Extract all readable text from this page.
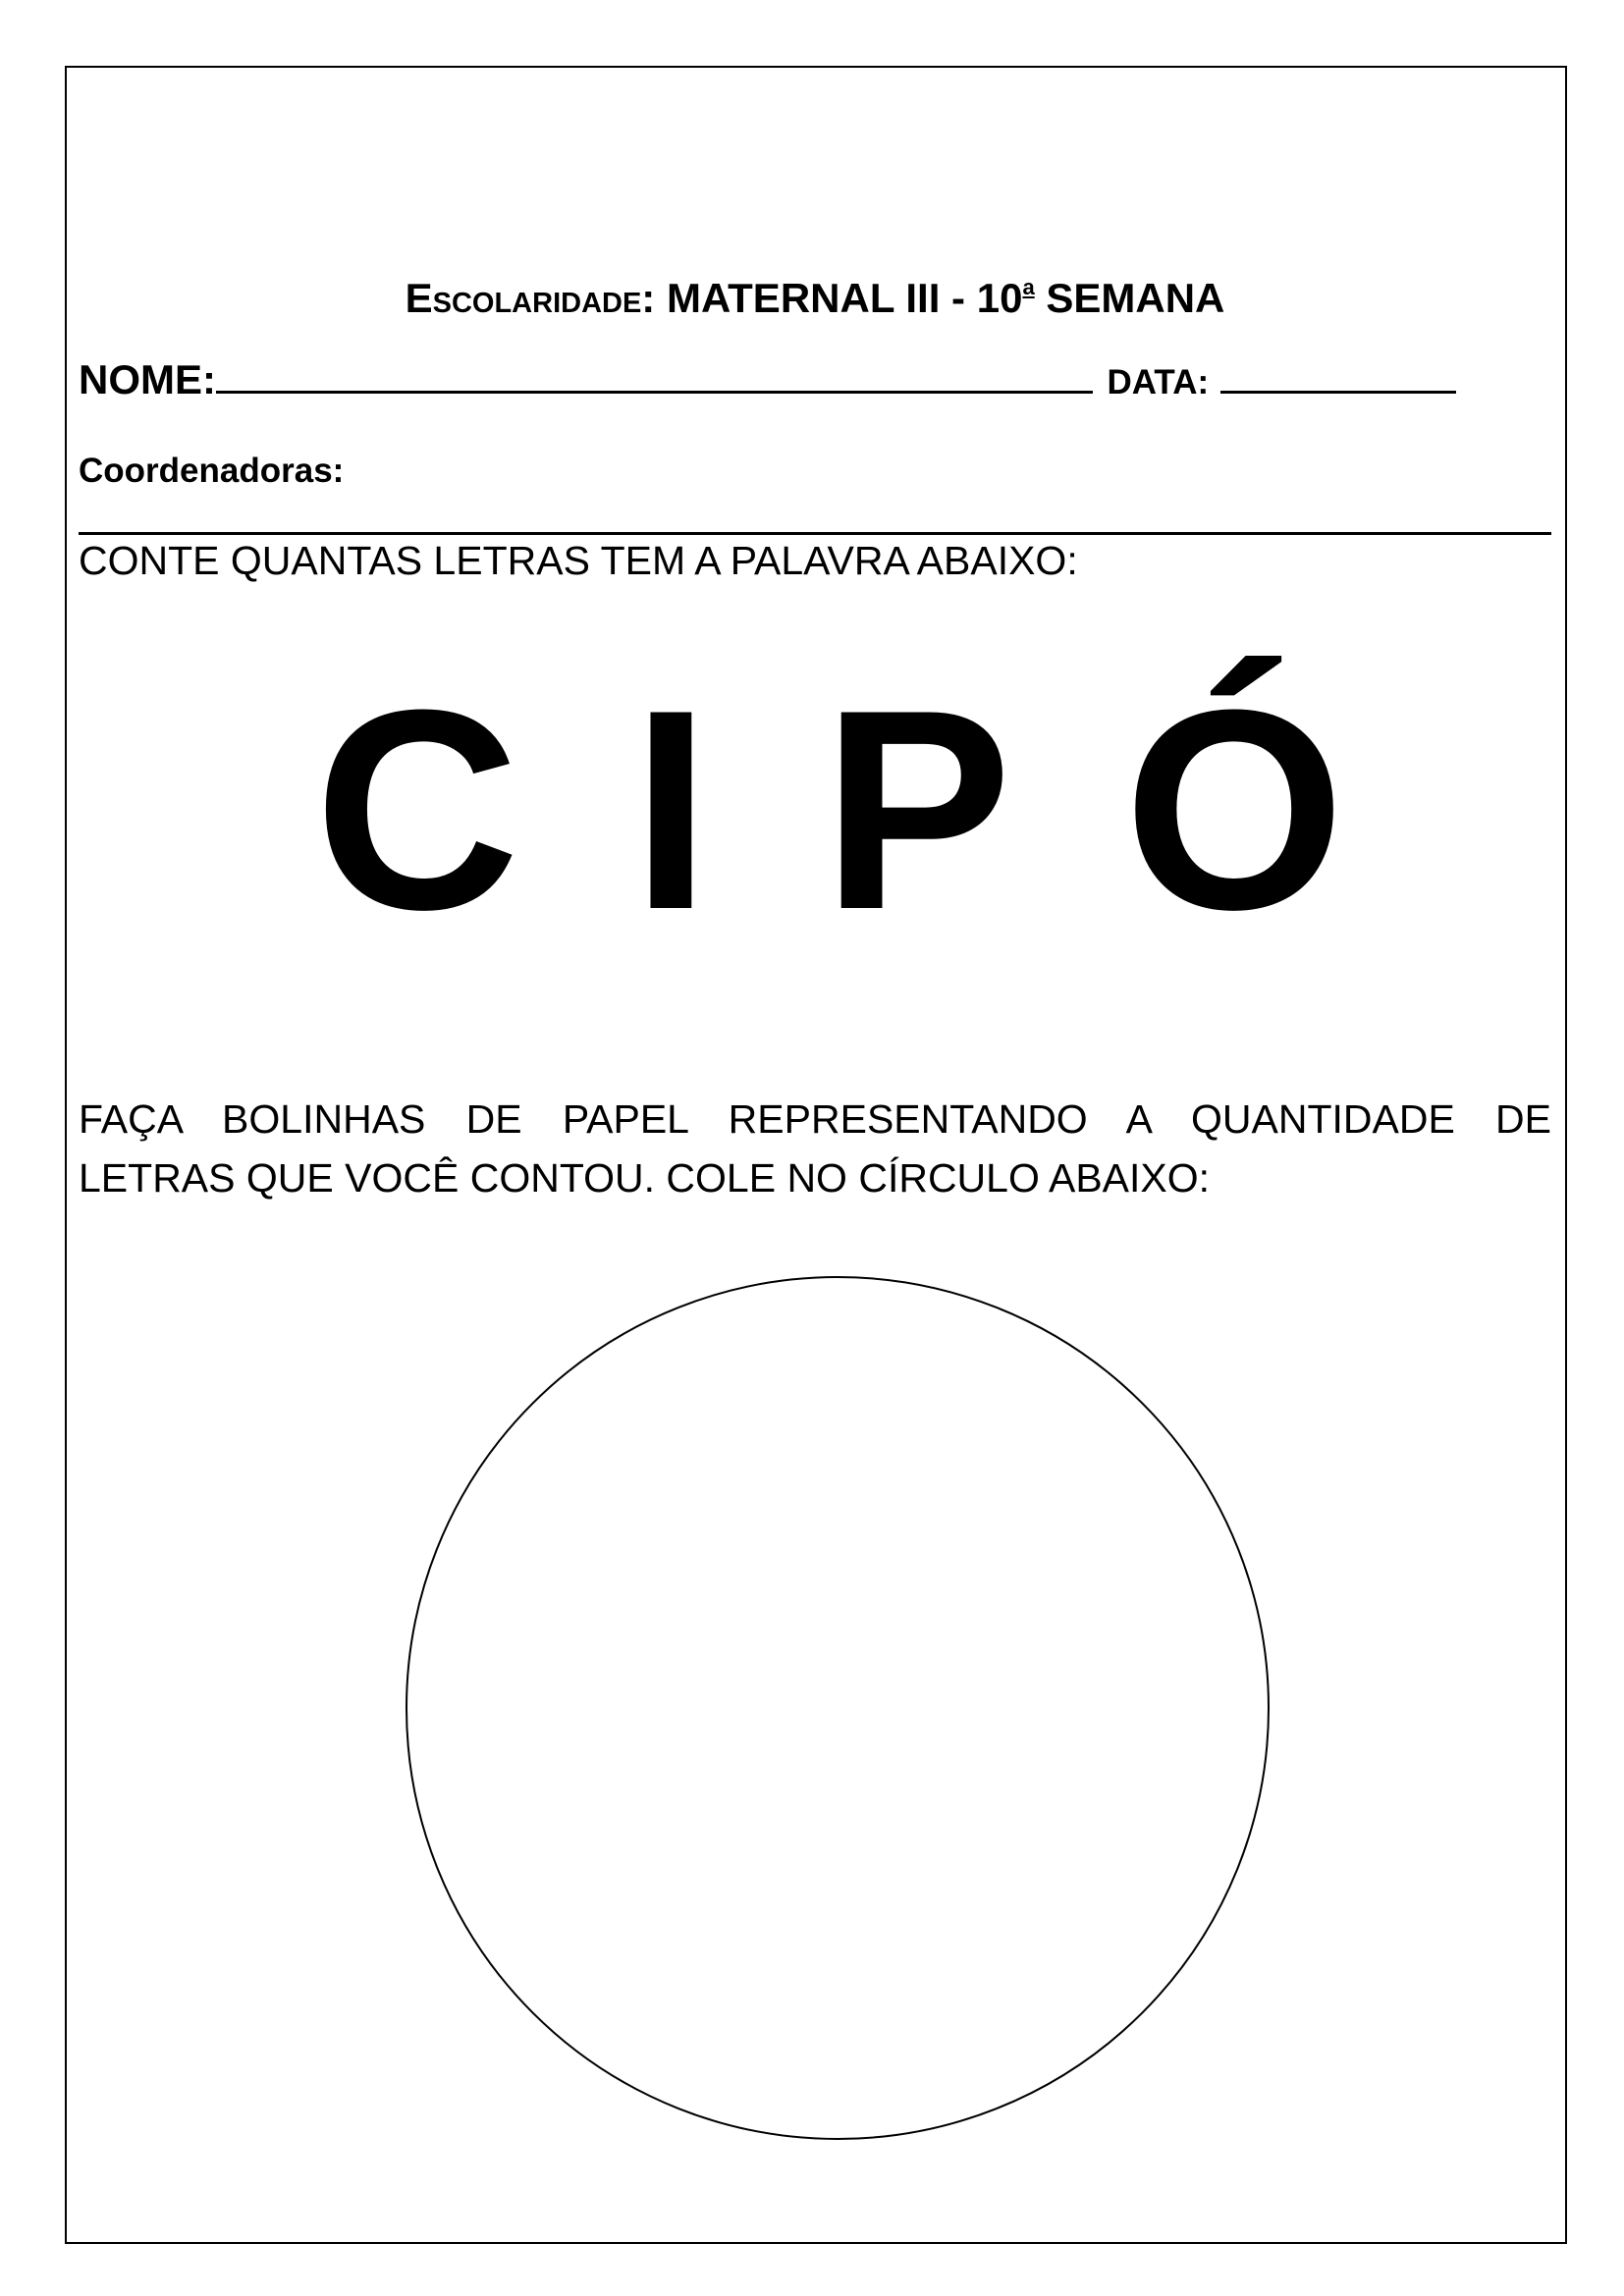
Escolaridade: MATERNAL III - 10$^a$ SEMANA
NOME:	DATA:
Coordenadoras:
CONTE QUANTAS LETRAS TEM A PALAVRA ABAIXO:
C I P Ó
FAÇA BOLINHAS DE PAPEL REPRESENTANDO A QUANTIDADE DE
LETRAS QUE VOCÊ CONTOU. COLE NO CÍRCULO ABAIXO:
